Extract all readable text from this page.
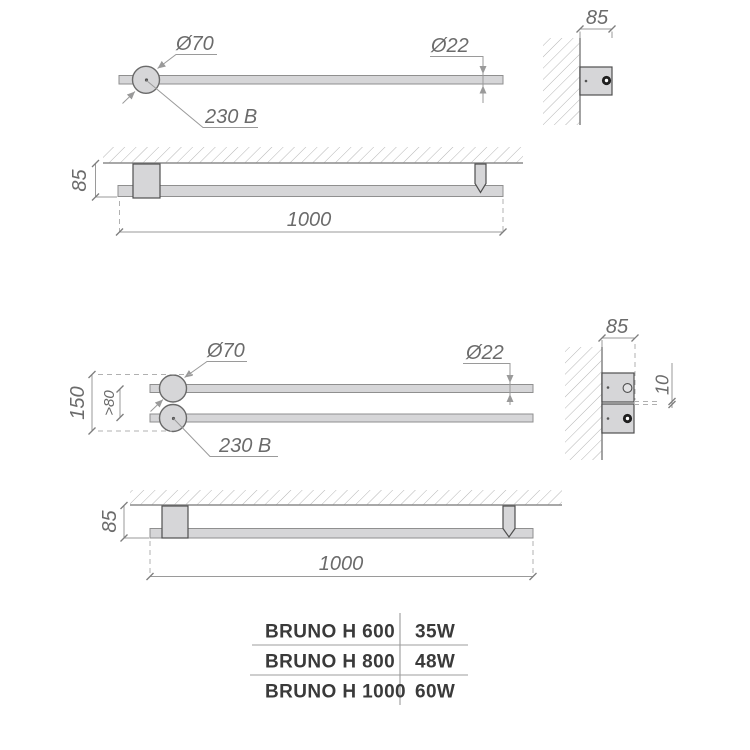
Ø70
230 В
Ø22
85
85
1000
Ø70
230 В
Ø22
150 >80
85
10
85
1000
BRUNO H 600 35W
BRUNO H 800 48W
BRUNO H 1000 60W
